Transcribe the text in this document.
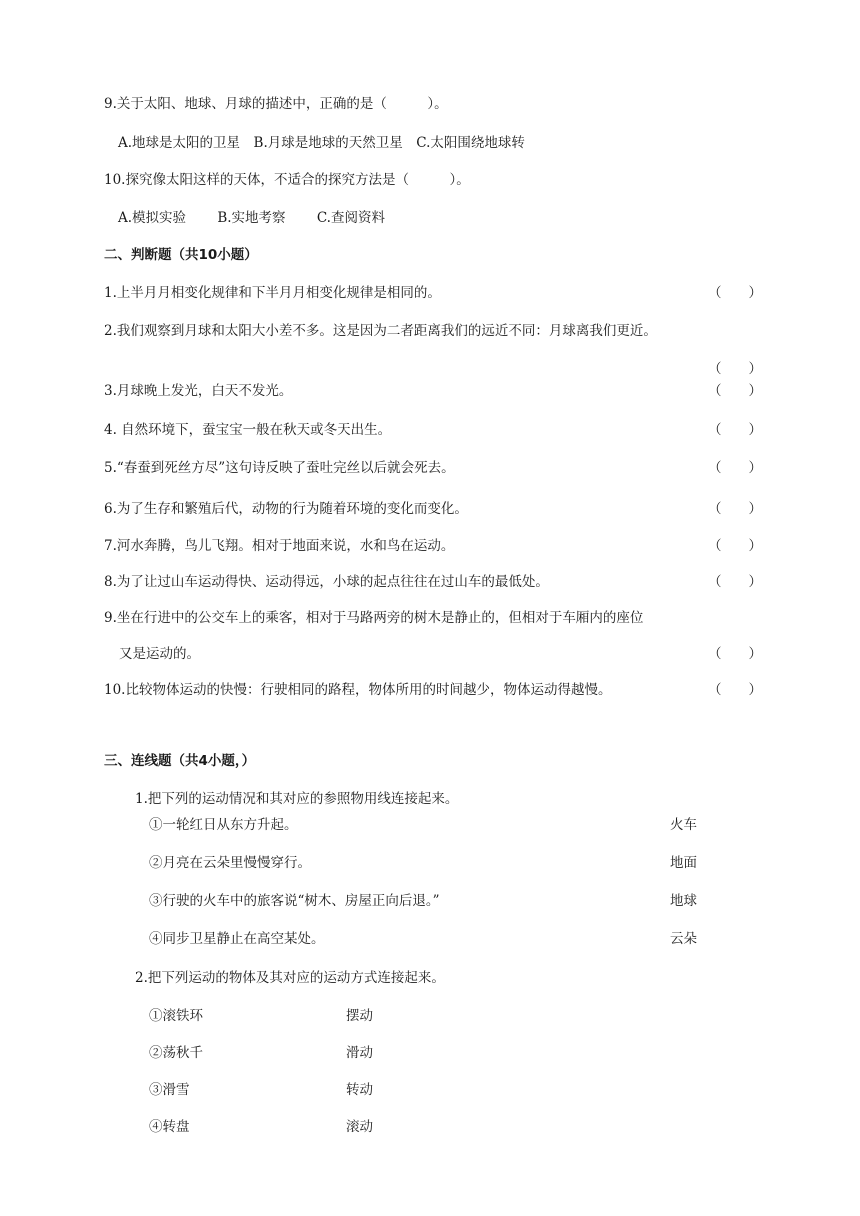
9.关于太阳、地球、月球的描述中，正确的是（　　　）。
A.地球是太阳的卫星　B.月球是地球的天然卫星　C.太阳围绕地球转
10.探究像太阳这样的天体，不适合的探究方法是（　　　）。
A.模拟实验　　 B.实地考察　　 C.查阅资料
二、判断题（共10小题）
1.上半月月相变化规律和下半月月相变化规律是相同的。	（　　）
2.我们观察到月球和太阳大小差不多。这是因为二者距离我们的远近不同：月球离我们更近。
（　　）
3.月球晚上发光，白天不发光。	（　　）
4. 自然环境下，蚕宝宝一般在秋天或冬天出生。	（　　）
5.“春蚕到死丝方尽”这句诗反映了蚕吐完丝以后就会死去。	（　　）
6.为了生存和繁殖后代，动物的行为随着环境的变化而变化。	（　　）
7.河水奔腾，鸟儿飞翔。相对于地面来说，水和鸟在运动。	（　　）
8.为了让过山车运动得快、运动得远，小球的起点往往在过山车的最低处。	（　　）
9.坐在行进中的公交车上的乘客，相对于马路两旁的树木是静止的，但相对于车厢内的座位
又是运动的。	（　　）
10.比较物体运动的快慢：行驶相同的路程，物体所用的时间越少，物体运动得越慢。	（　　）
三、连线题（共4小题，）
1.把下列的运动情况和其对应的参照物用线连接起来。
①一轮红日从东方升起。	火车
②月亮在云朵里慢慢穿行。	地面
③行驶的火车中的旅客说“树木、房屋正向后退。”	地球
④同步卫星静止在高空某处。	云朵
2.把下列运动的物体及其对应的运动方式连接起来。
①滚铁环	摆动
②荡秋千	滑动
③滑雪	转动
④转盘	滚动
